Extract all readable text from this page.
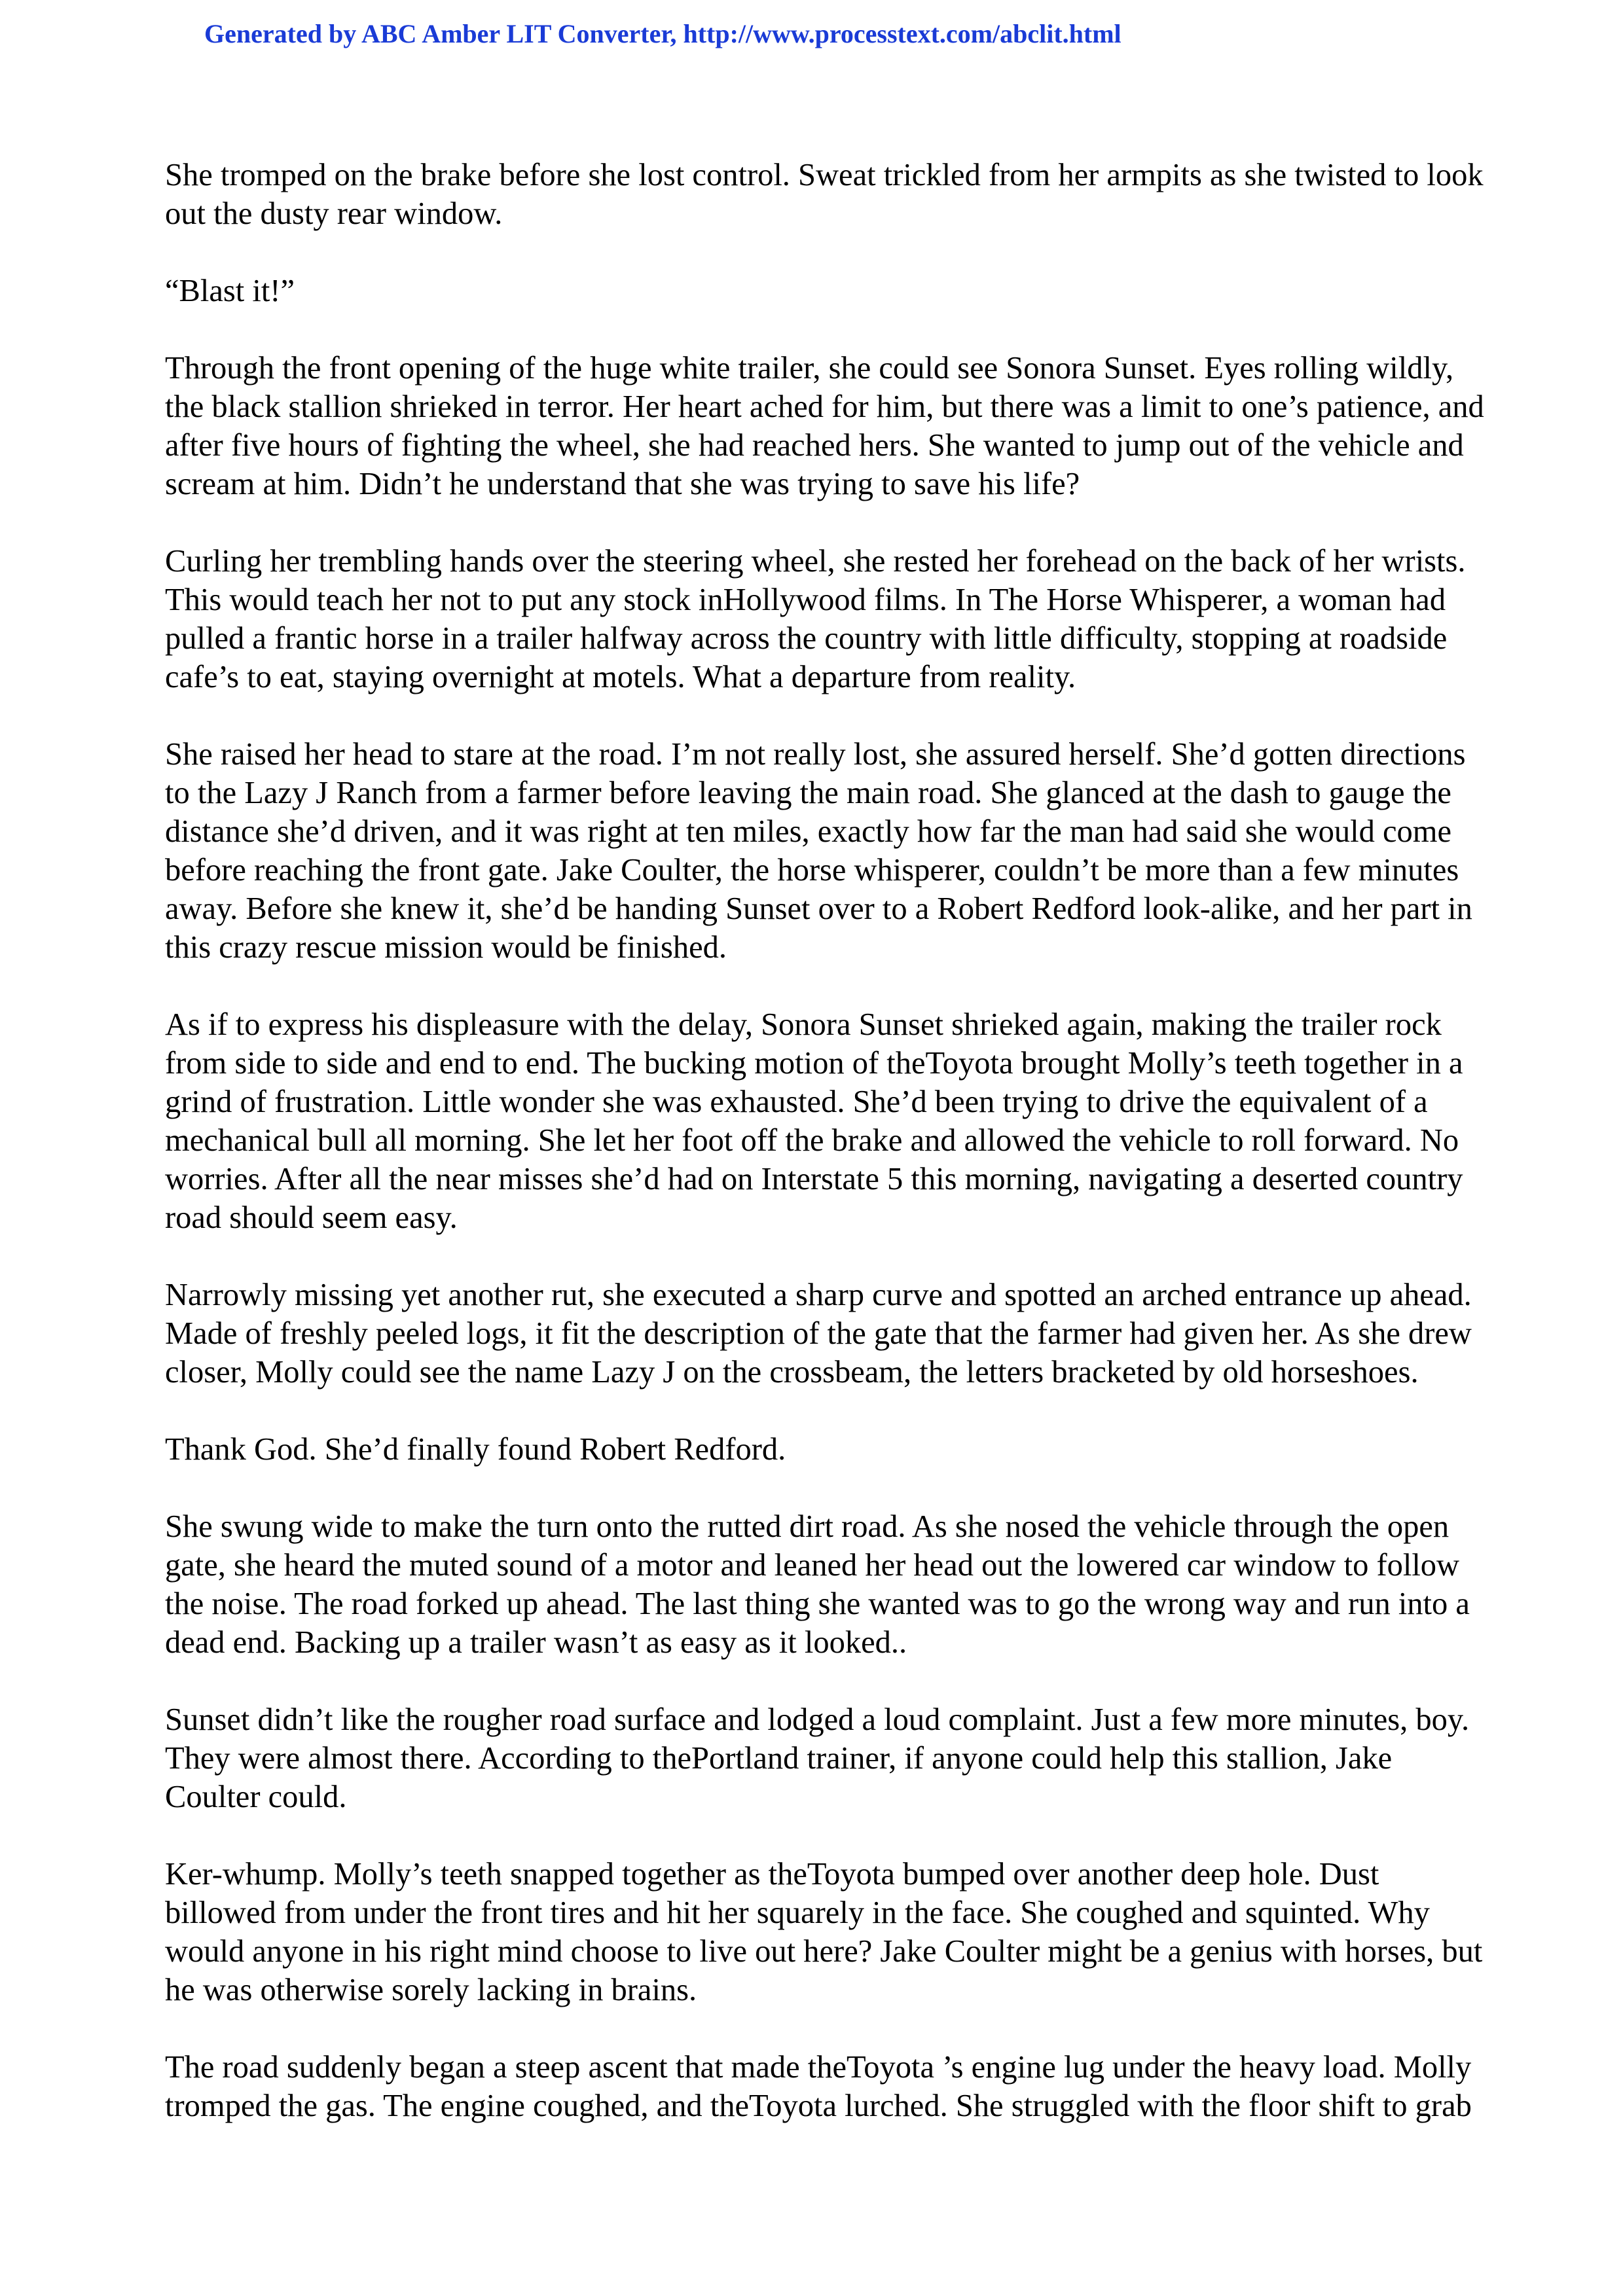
Generated by ABC Amber LIT Converter, http://www.processtext.com/abclit.html

She tromped on the brake before she lost control. Sweat trickled from her armpits as she twisted to look out the dusty rear window.

“Blast it!”

Through the front opening of the huge white trailer, she could see Sonora Sunset. Eyes rolling wildly, the black stallion shrieked in terror. Her heart ached for him, but there was a limit to one’s patience, and after five hours of fighting the wheel, she had reached hers. She wanted to jump out of the vehicle and scream at him. Didn’t he understand that she was trying to save his life?

Curling her trembling hands over the steering wheel, she rested her forehead on the back of her wrists. This would teach her not to put any stock inHollywood films. In The Horse Whisperer, a woman had pulled a frantic horse in a trailer halfway across the country with little difficulty, stopping at roadside cafe’s to eat, staying overnight at motels. What a departure from reality.

She raised her head to stare at the road. I’m not really lost, she assured herself. She’d gotten directions to the Lazy J Ranch from a farmer before leaving the main road. She glanced at the dash to gauge the distance she’d driven, and it was right at ten miles, exactly how far the man had said she would come before reaching the front gate. Jake Coulter, the horse whisperer, couldn’t be more than a few minutes away. Before she knew it, she’d be handing Sunset over to a Robert Redford look-alike, and her part in this crazy rescue mission would be finished.

As if to express his displeasure with the delay, Sonora Sunset shrieked again, making the trailer rock from side to side and end to end. The bucking motion of theToyota brought Molly’s teeth together in a grind of frustration. Little wonder she was exhausted. She’d been trying to drive the equivalent of a mechanical bull all morning. She let her foot off the brake and allowed the vehicle to roll forward. No worries. After all the near misses she’d had on Interstate 5 this morning, navigating a deserted country road should seem easy.

Narrowly missing yet another rut, she executed a sharp curve and spotted an arched entrance up ahead. Made of freshly peeled logs, it fit the description of the gate that the farmer had given her. As she drew closer, Molly could see the name Lazy J on the crossbeam, the letters bracketed by old horseshoes.

Thank God. She’d finally found Robert Redford.

She swung wide to make the turn onto the rutted dirt road. As she nosed the vehicle through the open gate, she heard the muted sound of a motor and leaned her head out the lowered car window to follow the noise. The road forked up ahead. The last thing she wanted was to go the wrong way and run into a dead end. Backing up a trailer wasn’t as easy as it looked..

Sunset didn’t like the rougher road surface and lodged a loud complaint. Just a few more minutes, boy. They were almost there. According to thePortland trainer, if anyone could help this stallion, Jake Coulter could.

Ker-whump. Molly’s teeth snapped together as theToyota bumped over another deep hole. Dust billowed from under the front tires and hit her squarely in the face. She coughed and squinted. Why would anyone in his right mind choose to live out here? Jake Coulter might be a genius with horses, but he was otherwise sorely lacking in brains.

The road suddenly began a steep ascent that made theToyota ’s engine lug under the heavy load. Molly tromped the gas. The engine coughed, and theToyota lurched. She struggled with the floor shift to grab
